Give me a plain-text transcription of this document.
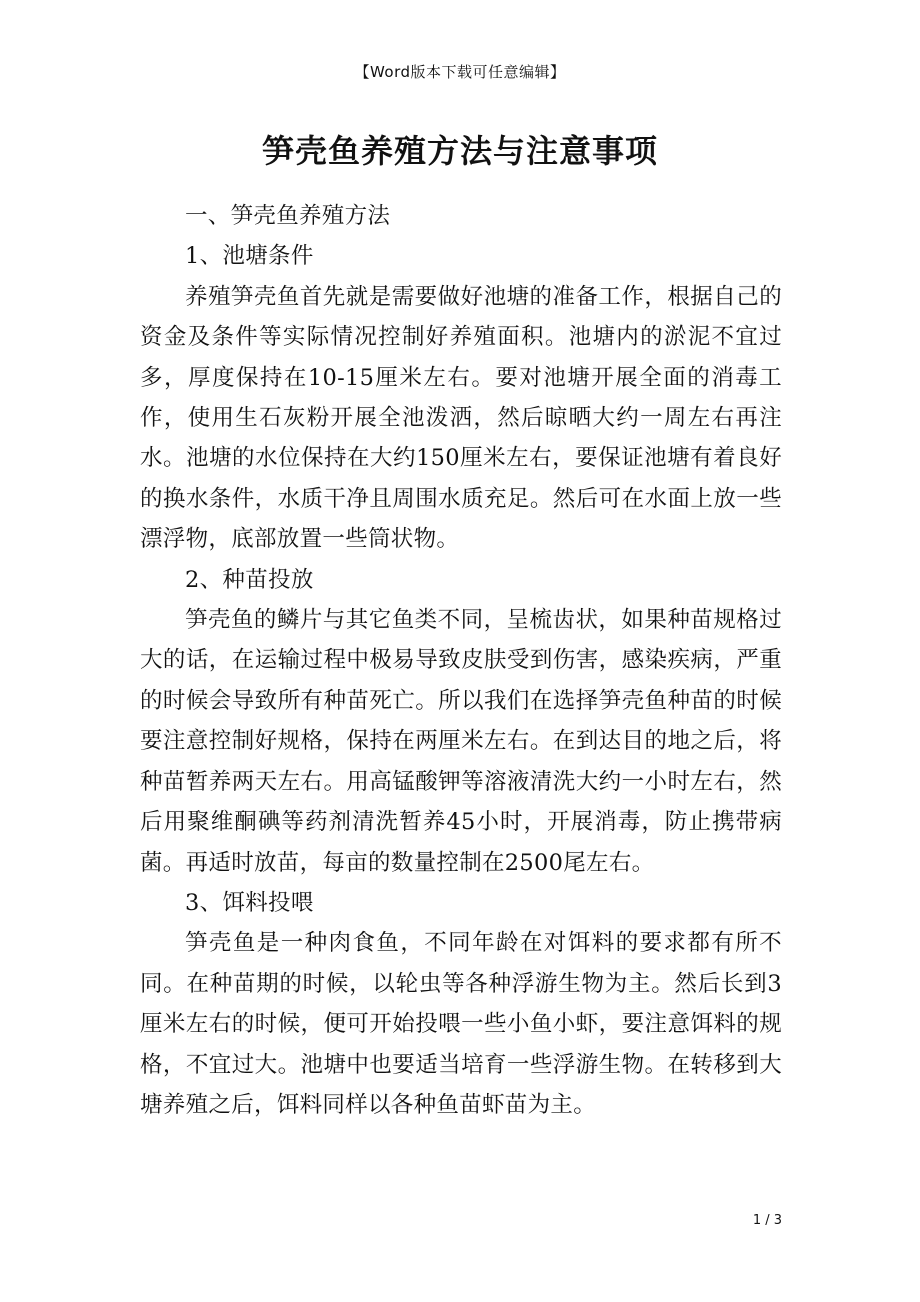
【Word版本下载可任意编辑】
笋壳鱼养殖方法与注意事项

一、笋壳鱼养殖方法

1、池塘条件

养殖笋壳鱼首先就是需要做好池塘的准备工作，根据自己的资金及条件等实际情况控制好养殖面积。池塘内的淤泥不宜过多，厚度保持在10-15厘米左右。要对池塘开展全面的消毒工作，使用生石灰粉开展全池泼洒，然后晾晒大约一周左右再注水。池塘的水位保持在大约150厘米左右，要保证池塘有着良好的换水条件，水质干净且周围水质充足。然后可在水面上放一些漂浮物，底部放置一些筒状物。

2、种苗投放

笋壳鱼的鳞片与其它鱼类不同，呈梳齿状，如果种苗规格过大的话，在运输过程中极易导致皮肤受到伤害，感染疾病，严重的时候会导致所有种苗死亡。所以我们在选择笋壳鱼种苗的时候要注意控制好规格，保持在两厘米左右。在到达目的地之后，将种苗暂养两天左右。用高锰酸钾等溶液清洗大约一小时左右，然后用聚维酮碘等药剂清洗暂养45小时，开展消毒，防止携带病菌。再适时放苗，每亩的数量控制在2500尾左右。

3、饵料投喂

笋壳鱼是一种肉食鱼，不同年龄在对饵料的要求都有所不同。在种苗期的时候，以轮虫等各种浮游生物为主。然后长到3厘米左右的时候，便可开始投喂一些小鱼小虾，要注意饵料的规格，不宜过大。池塘中也要适当培育一些浮游生物。在转移到大塘养殖之后，饵料同样以各种鱼苗虾苗为主。

1 / 3
